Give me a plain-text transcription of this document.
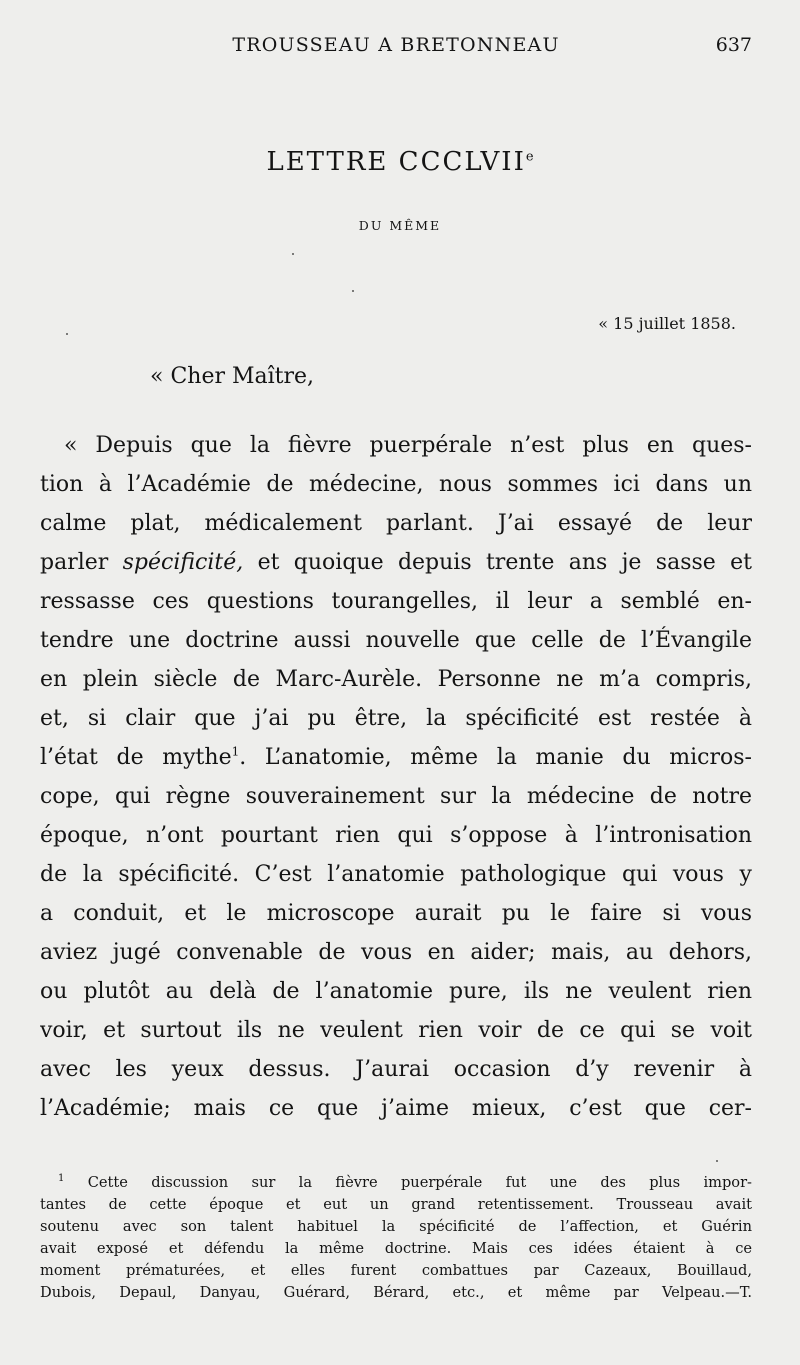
TROUSSEAU A BRETONNEAU	637
LETTRE CCCLVIIe
DU MÊME
« 15 juillet 1858.
« Cher Maître,
« Depuis que la fièvre puerpérale n’est plus en ques-
tion à l’Académie de médecine, nous sommes ici dans un
calme plat, médicalement parlant. J’ai essayé de leur
parler spécificité, et quoique depuis trente ans je sasse et
ressasse ces questions tourangelles, il leur a semblé en-
tendre une doctrine aussi nouvelle que celle de l’Évangile
en plein siècle de Marc-Aurèle. Personne ne m’a compris,
et, si clair que j’ai pu être, la spécificité est restée à
l’état de mythe$^1$. L’anatomie, même la manie du micros-
cope, qui règne souverainement sur la médecine de notre
époque, n’ont pourtant rien qui s’oppose à l’intronisation
de la spécificité. C’est l’anatomie pathologique qui vous y
a conduit, et le microscope aurait pu le faire si vous
aviez jugé convenable de vous en aider; mais, au dehors,
ou plutôt au delà de l’anatomie pure, ils ne veulent rien
voir, et surtout ils ne veulent rien voir de ce qui se voit
avec les yeux dessus. J’aurai occasion d’y revenir à
l’Académie; mais ce que j’aime mieux, c’est que cer-
$^1$ Cette discussion sur la fièvre puerpérale fut une des plus impor-
tantes de cette époque et eut un grand retentissement. Trousseau avait
soutenu avec son talent habituel la spécificité de l’affection, et Guérin
avait exposé et défendu la même doctrine. Mais ces idées étaient à ce
moment prématurées, et elles furent combattues par Cazeaux, Bouillaud,
Dubois, Depaul, Danyau, Guérard, Bérard, etc., et même par Velpeau.—T.
